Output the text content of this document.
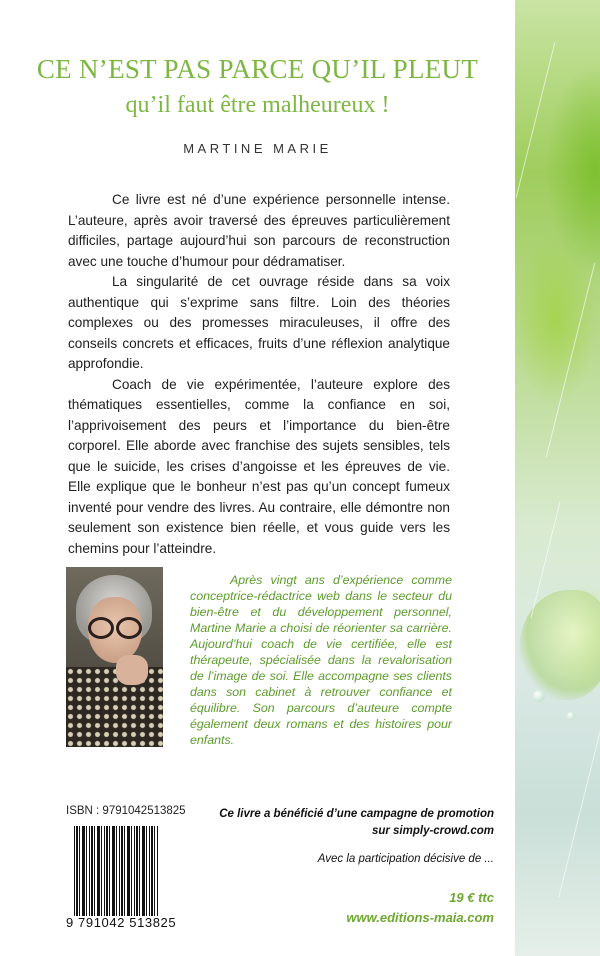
CE N’EST PAS PARCE QU’IL PLEUT
qu’il faut être malheureux !
MARTINE MARIE

Ce livre est né d’une expérience personnelle intense. L’auteure, après avoir traversé des épreuves particulièrement difficiles, partage aujourd’hui son parcours de reconstruction avec une touche d’humour pour dédramatiser.

La singularité de cet ouvrage réside dans sa voix authentique qui s’exprime sans filtre. Loin des théories complexes ou des promesses miraculeuses, il offre des conseils concrets et efficaces, fruits d’une réflexion analytique approfondie.

Coach de vie expérimentée, l’auteure explore des thématiques essentielles, comme la confiance en soi, l’apprivoisement des peurs et l’importance du bien-être corporel. Elle aborde avec franchise des sujets sensibles, tels que le suicide, les crises d’angoisse et les épreuves de vie. Elle explique que le bonheur n’est pas qu’un concept fumeux inventé pour vendre des livres. Au contraire, elle démontre non seulement son existence bien réelle, et vous guide vers les chemins pour l’atteindre.

Après vingt ans d’expérience comme conceptrice-rédactrice web dans le secteur du bien-être et du développement personnel, Martine Marie a choisi de réorienter sa carrière. Aujourd’hui coach de vie certifiée, elle est thérapeute, spécialisée dans la revalorisation de l’image de soi. Elle accompagne ses clients dans son cabinet à retrouver confiance et équilibre. Son parcours d’auteure compte également deux romans et des histoires pour enfants.

ISBN : 9791042513825
9 791042 513825
Ce livre a bénéficié d’une campagne de promotion
sur simply-crowd.com
Avec la participation décisive de ...
19 € ttc
www.editions-maia.com
